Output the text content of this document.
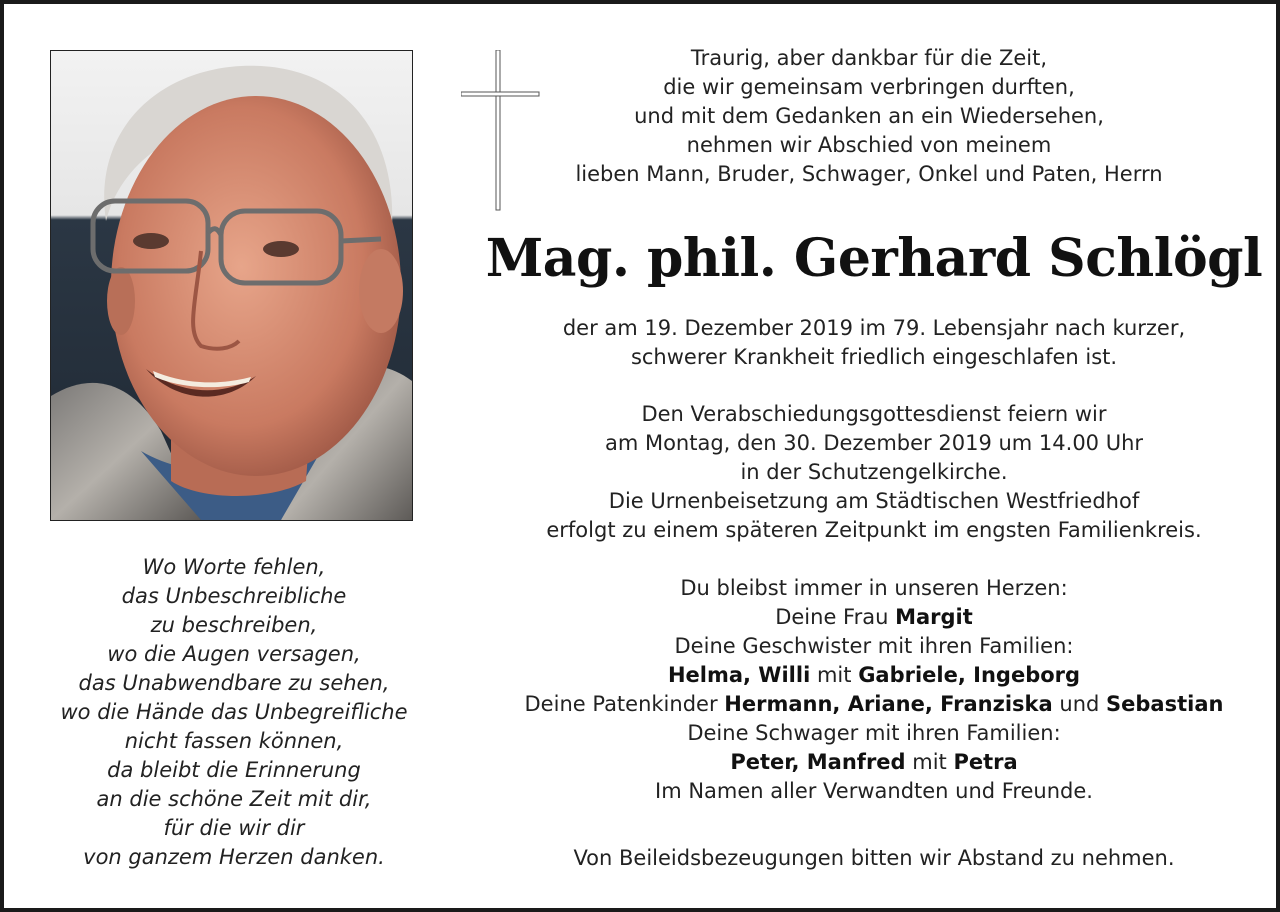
Wo Worte fehlen,
das Unbeschreibliche
zu beschreiben,
wo die Augen versagen,
das Unabwendbare zu sehen,
wo die Hände das Unbegreifliche
nicht fassen können,
da bleibt die Erinnerung
an die schöne Zeit mit dir,
für die wir dir
von ganzem Herzen danken.
Traurig, aber dankbar für die Zeit,
die wir gemeinsam verbringen durften,
und mit dem Gedanken an ein Wiedersehen,
nehmen wir Abschied von meinem
lieben Mann, Bruder, Schwager, Onkel und Paten, Herrn
Mag. phil. Gerhard Schlögl
der am 19. Dezember 2019 im 79. Lebensjahr nach kurzer,
schwerer Krankheit friedlich eingeschlafen ist.
Den Verabschiedungsgottesdienst feiern wir
am Montag, den 30. Dezember 2019 um 14.00 Uhr
in der Schutzengelkirche.
Die Urnenbeisetzung am Städtischen Westfriedhof
erfolgt zu einem späteren Zeitpunkt im engsten Familienkreis.
Du bleibst immer in unseren Herzen:
Deine Frau Margit
Deine Geschwister mit ihren Familien:
Helma, Willi mit Gabriele, Ingeborg
Deine Patenkinder Hermann, Ariane, Franziska und Sebastian
Deine Schwager mit ihren Familien:
Peter, Manfred mit Petra
Im Namen aller Verwandten und Freunde.
Von Beileidsbezeugungen bitten wir Abstand zu nehmen.
